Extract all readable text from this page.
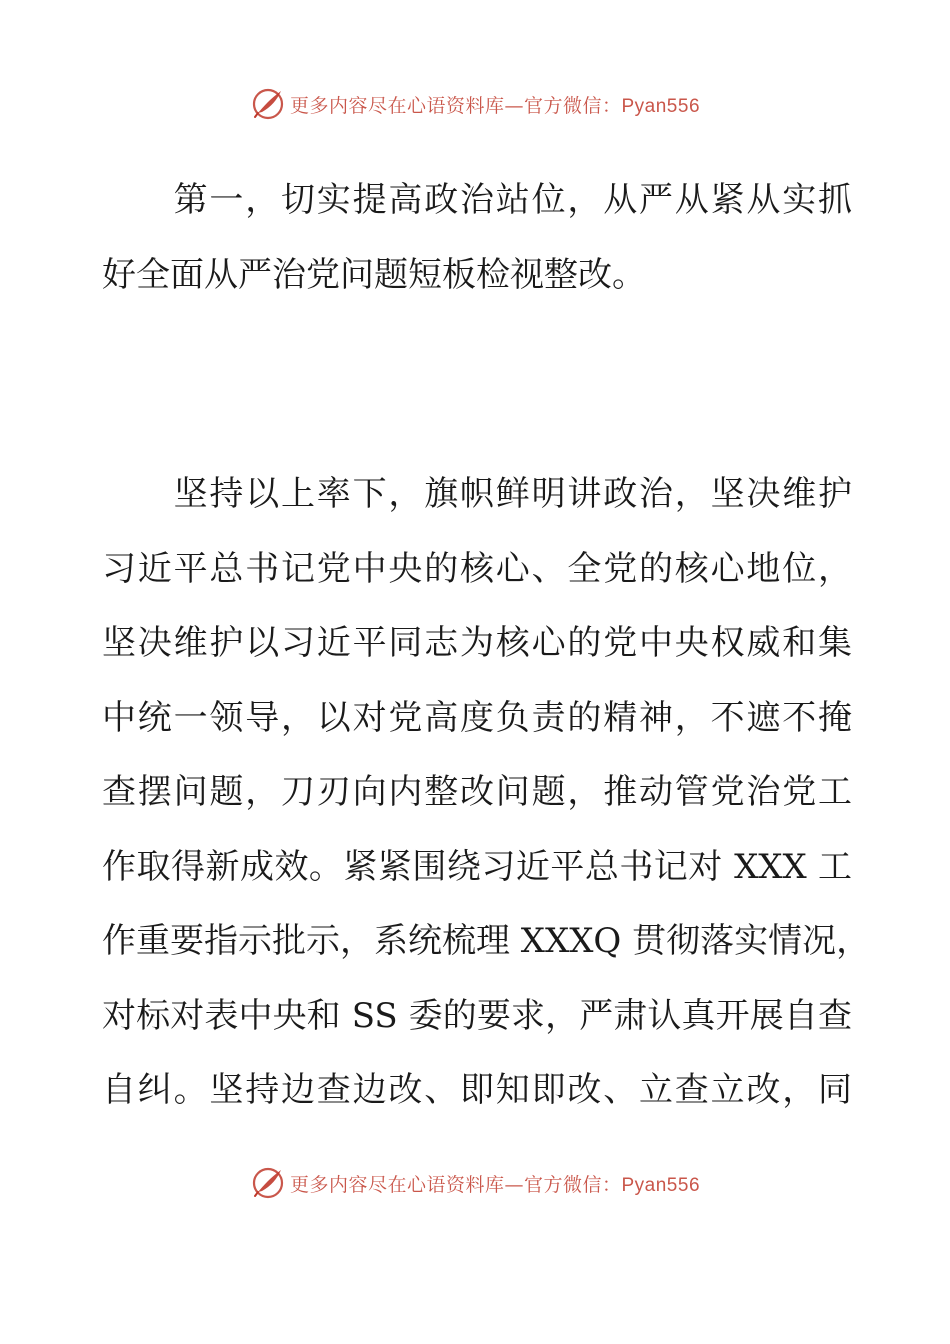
更多内容尽在心语资料库—官方微信：Pyan556
　　第一，切实提高政治站位，从严从紧从实抓
好全面从严治党问题短板检视整改。
　　坚持以上率下，旗帜鲜明讲政治，坚决维护
习近平总书记党中央的核心、全党的核心地位，
坚决维护以习近平同志为核心的党中央权威和集
中统一领导，以对党高度负责的精神，不遮不掩
查摆问题，刀刃向内整改问题，推动管党治党工
作取得新成效。紧紧围绕习近平总书记对 XXX 工
作重要指示批示，系统梳理 XXXQ 贯彻落实情况，
对标对表中央和 SS 委的要求，严肃认真开展自查
自纠。坚持边查边改、即知即改、立查立改，同
更多内容尽在心语资料库—官方微信：Pyan556
